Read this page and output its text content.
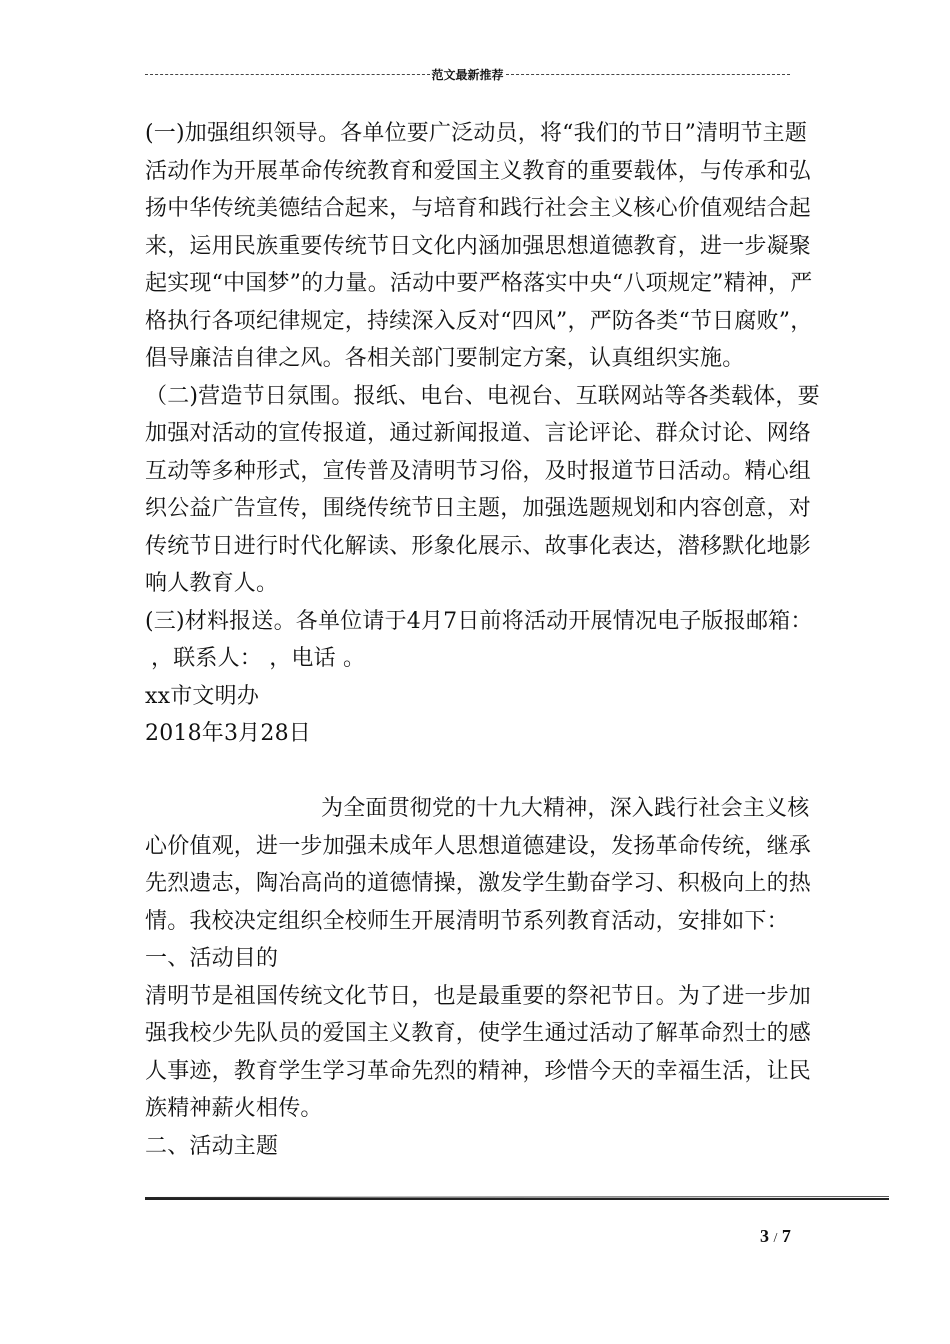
范文最新推荐

(一)加强组织领导。各单位要广泛动员，将“我们的节日”清明节主题活动作为开展革命传统教育和爱国主义教育的重要载体，与传承和弘扬中华传统美德结合起来，与培育和践行社会主义核心价值观结合起来，运用民族重要传统节日文化内涵加强思想道德教育，进一步凝聚起实现“中国梦”的力量。活动中要严格落实中央“八项规定”精神，严格执行各项纪律规定，持续深入反对“四风”，严防各类“节日腐败”，倡导廉洁自律之风。各相关部门要制定方案，认真组织实施。

（二)营造节日氛围。报纸、电台、电视台、互联网站等各类载体，要加强对活动的宣传报道，通过新闻报道、言论评论、群众讨论、网络互动等多种形式，宣传普及清明节习俗，及时报道节日活动。精心组织公益广告宣传，围绕传统节日主题，加强选题规划和内容创意，对传统节日进行时代化解读、形象化展示、故事化表达，潜移默化地影响人教育人。

(三)材料报送。各单位请于4月7日前将活动开展情况电子版报邮箱：

，联系人： ，电话 。

xx市文明办

2018年3月28日

为全面贯彻党的十九大精神，深入践行社会主义核心价值观，进一步加强未成年人思想道德建设，发扬革命传统，继承先烈遗志，陶冶高尚的道德情操，激发学生勤奋学习、积极向上的热情。我校决定组织全校师生开展清明节系列教育活动，安排如下：

一、活动目的

清明节是祖国传统文化节日，也是最重要的祭祀节日。为了进一步加强我校少先队员的爱国主义教育，使学生通过活动了解革命烈士的感人事迹，教育学生学习革命先烈的精神，珍惜今天的幸福生活，让民族精神薪火相传。

二、活动主题

3 / 7
